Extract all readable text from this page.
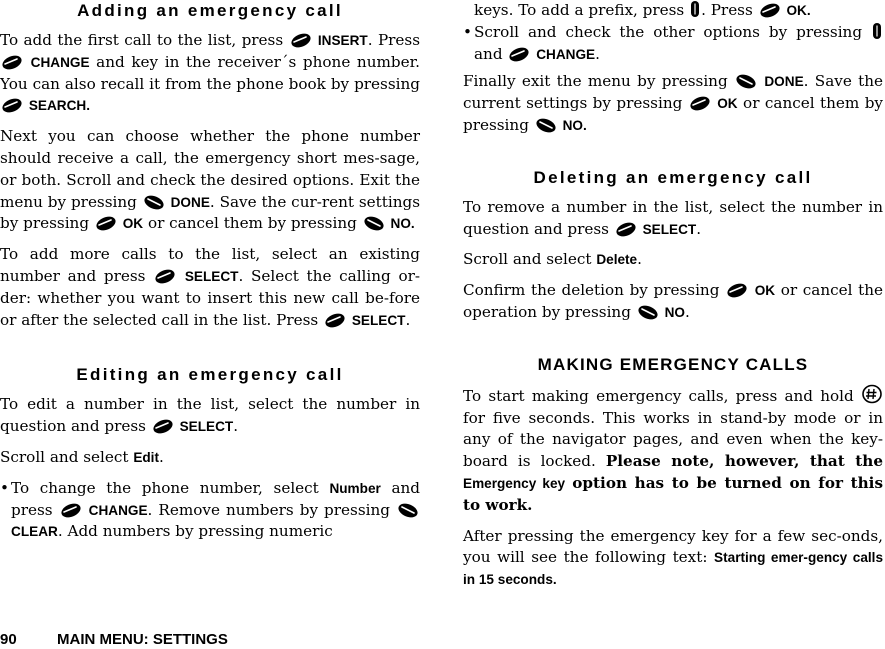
Adding an emergency call

To add the first call to the list, press	INSERT. Press  CHANGE and key in the receiver´s phone number. You can also recall it from the phone book by pressing  SEARCH.

Next you can choose whether the phone number should receive a call, the emergency short mes-sage, or both. Scroll and check the desired options. Exit the menu by pressing DONE. Save the cur-rent settings by pressing OK or cancel them by pressing NO.

To add more calls to the list, select an existing number and press	SELECT. Select the calling or-der: whether you want to insert this new call be-fore or after the selected call in the list. Press SELECT.

Editing an emergency call

To edit a number in the list, select the number in question and press SELECT.

Scroll and select Edit.

• To change the phone number, select Number and press	CHANGE. Remove numbers by pressing  CLEAR. Add numbers by pressing numeric

keys. To add a prefix, press . Press OK.

• Scroll and check the other options by pressing  and CHANGE.

Finally exit the menu by pressing	DONE. Save the current settings by pressing	OK or cancel them by pressing NO.

Deleting an emergency call

To remove a number in the list, select the number in question and press SELECT.

Scroll and select Delete.

Confirm the deletion by pressing	OK or cancel the operation by pressing NO.

MAKING EMERGENCY CALLS

To start making emergency calls, press and hold  for five seconds. This works in stand-by mode or in any of the navigator pages, and even when the key-board is locked. Please note, however, that the Emergency key option has to be turned on for this to work.

After pressing the emergency key for a few sec-onds, you will see the following text: Starting emer-gency calls in 15 seconds.

90	MAIN MENU: SETTINGS
